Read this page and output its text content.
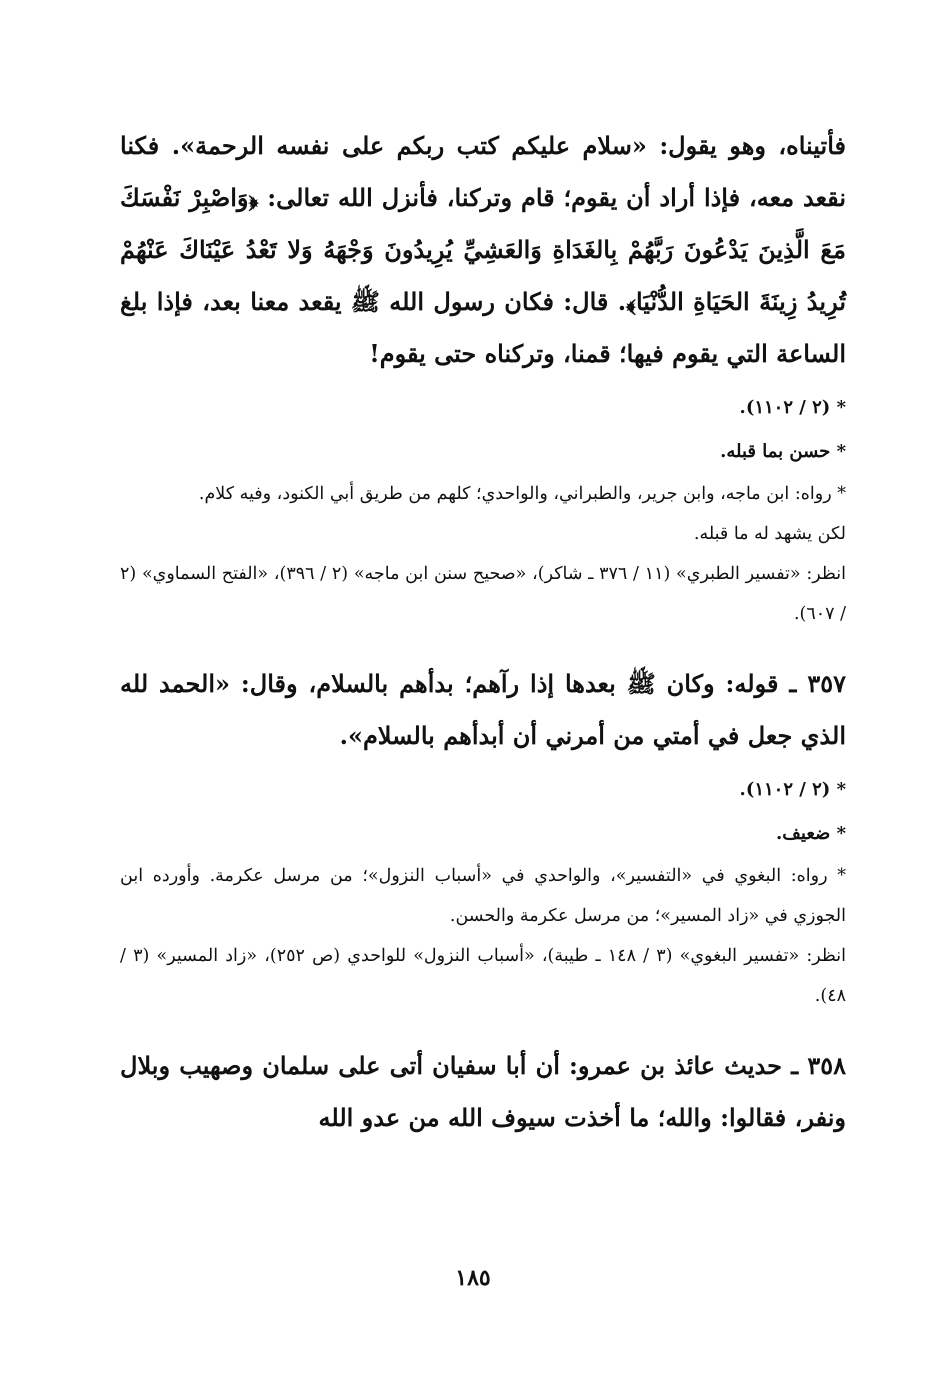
فأتيناه، وهو يقول: «سلام عليكم كتب ربكم على نفسه الرحمة». فكنا نقعد معه، فإذا أراد أن يقوم؛ قام وتركنا، فأنزل الله تعالى: ﴿وَاصْبِرْ نَفْسَكَ مَعَ الَّذِينَ يَدْعُونَ رَبَّهُمْ بِالغَدَاةِ وَالعَشِيِّ يُرِيدُونَ وَجْهَهُ وَلا تَعْدُ عَيْنَاكَ عَنْهُمْ تُرِيدُ زِينَةَ الحَيَاةِ الدُّنْيَا﴾. قال: فكان رسول الله ﷺ يقعد معنا بعد، فإذا بلغ الساعة التي يقوم فيها؛ قمنا، وتركناه حتى يقوم!

* (٢ / ١١٠٢).

* حسن بما قبله.

* رواه: ابن ماجه، وابن جرير، والطبراني، والواحدي؛ كلهم من طريق أبي الكنود، وفيه كلام.

لكن يشهد له ما قبله.

انظر: «تفسير الطبري» (١١ / ٣٧٦ ـ شاكر)، «صحيح سنن ابن ماجه» (٢ / ٣٩٦)، «الفتح السماوي» (٢ / ٦٠٧).

٣٥٧ ـ قوله: وكان ﷺ بعدها إذا رآهم؛ بدأهم بالسلام، وقال: «الحمد لله الذي جعل في أمتي من أمرني أن أبدأهم بالسلام».

* (٢ / ١١٠٢).

* ضعيف.

* رواه: البغوي في «التفسير»، والواحدي في «أسباب النزول»؛ من مرسل عكرمة. وأورده ابن الجوزي في «زاد المسير»؛ من مرسل عكرمة والحسن.

انظر: «تفسير البغوي» (٣ / ١٤٨ ـ طيبة)، «أسباب النزول» للواحدي (ص ٢٥٢)، «زاد المسير» (٣ / ٤٨).

٣٥٨ ـ حديث عائذ بن عمرو: أن أبا سفيان أتى على سلمان وصهيب وبلال ونفر، فقالوا: والله؛ ما أخذت سيوف الله من عدو الله

١٨٥
